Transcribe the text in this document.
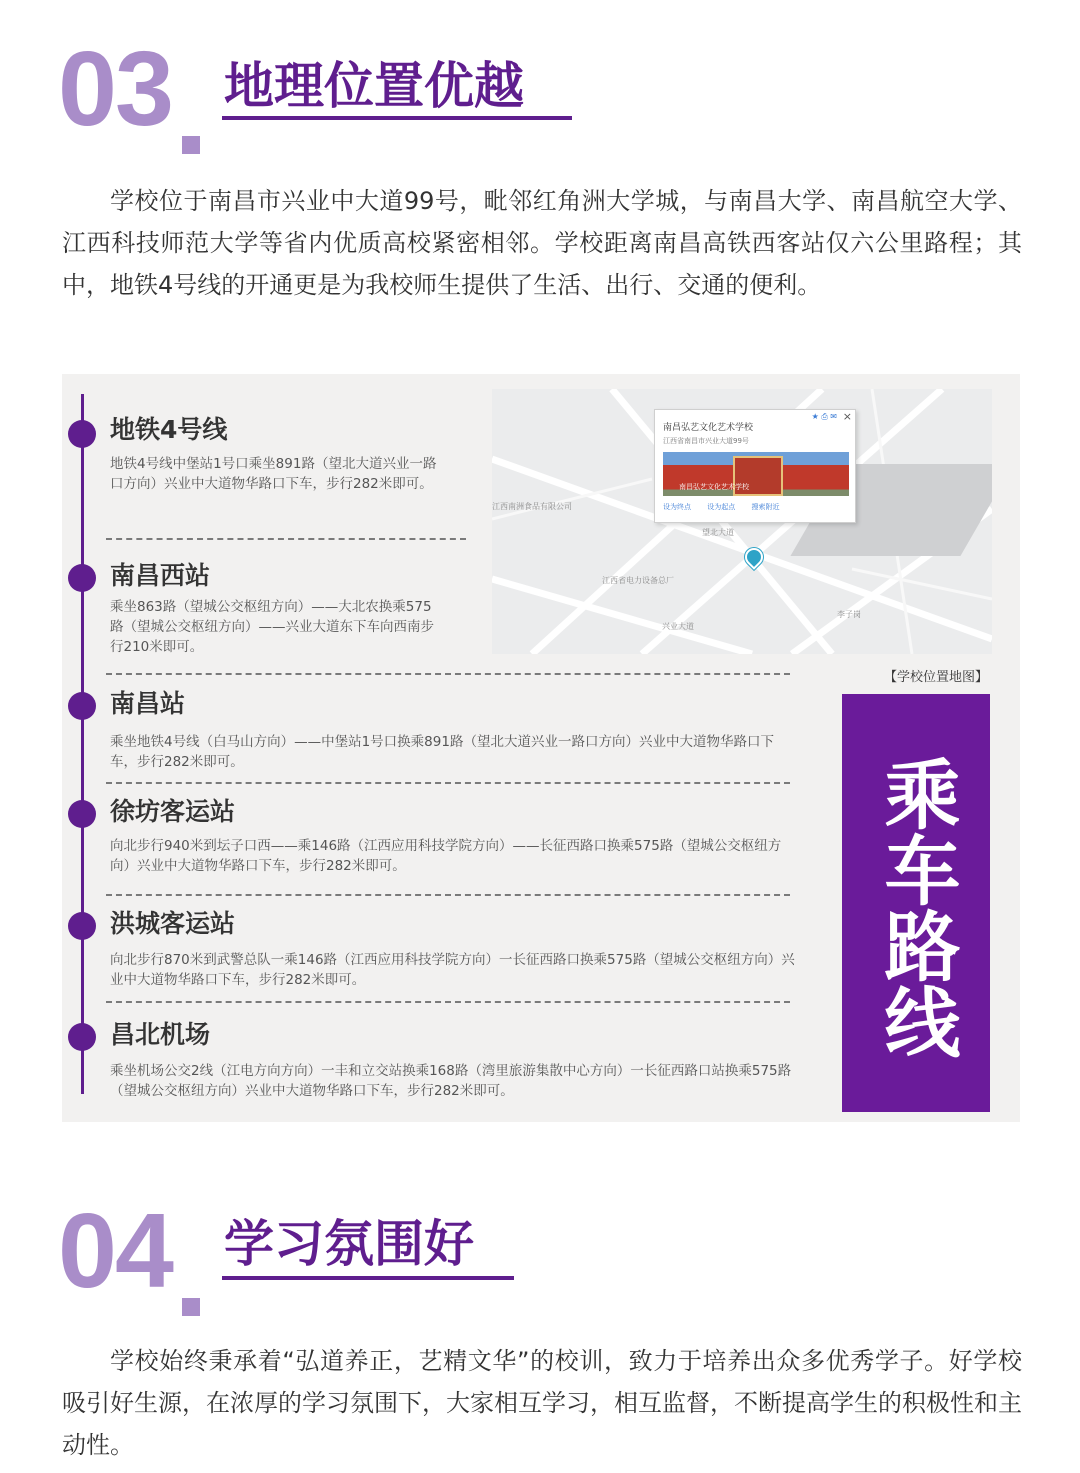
03 地理位置优越
学校位于南昌市兴业中大道99号，毗邻红角洲大学城，与南昌大学、南昌航空大学、江西科技师范大学等省内优质高校紧密相邻。学校距离南昌高铁西客站仅六公里路程；其中，地铁4号线的开通更是为我校师生提供了生活、出行、交通的便利。
地铁4号线
地铁4号线中堡站1号口乘坐891路（望北大道兴业一路口方向）兴业中大道物华路口下车，步行282米即可。
南昌西站
乘坐863路（望城公交枢纽方向）——大北农换乘575路（望城公交枢纽方向）——兴业大道东下车向西南步行210米即可。
南昌站
乘坐地铁4号线（白马山方向）——中堡站1号口换乘891路（望北大道兴业一路口方向）兴业中大道物华路口下车，步行282米即可。
徐坊客运站
向北步行940米到坛子口西——乘146路（江西应用科技学院方向）——长征西路口换乘575路（望城公交枢纽方向）兴业中大道物华路口下车，步行282米即可。
洪城客运站
向北步行870米到武警总队一乘146路（江西应用科技学院方向）一长征西路口换乘575路（望城公交枢纽方向）兴业中大道物华路口下车，步行282米即可。
昌北机场
乘坐机场公交2线（江电方向方向）一丰和立交站换乘168路（湾里旅游集散中心方向）一长征西路口站换乘575路（望城公交枢纽方向）兴业中大道物华路口下车，步行282米即可。
江西南洲食品有限公司
江西省电力设备总厂
望北大道
兴业大道
李子岗
南昌弘艺文化艺术学校
江西省南昌市兴业大道99号
★ ⎙ ✉ ×
南昌弘艺文化艺术学校
设为终点 设为起点 搜索附近
【学校位置地图】
乘车路线
04 学习氛围好
学校始终秉承着“弘道养正，艺精文华”的校训，致力于培养出众多优秀学子。好学校吸引好生源，在浓厚的学习氛围下，大家相互学习，相互监督，不断提高学生的积极性和主动性。
